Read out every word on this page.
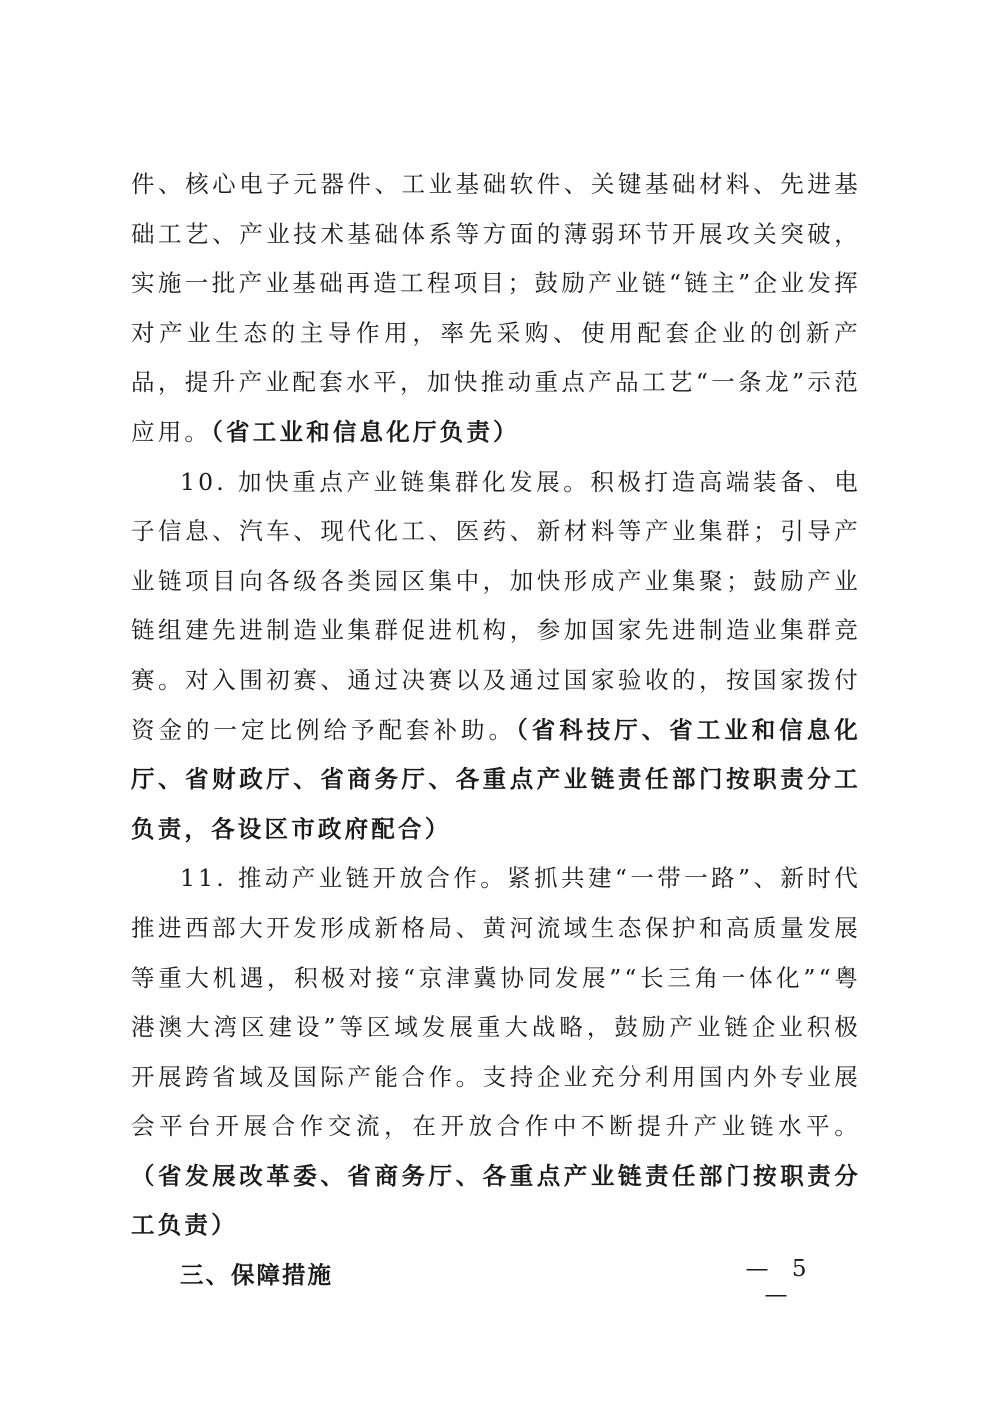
件、核心电子元器件、工业基础软件、关键基础材料、先进基础工艺、产业技术基础体系等方面的薄弱环节开展攻关突破，实施一批产业基础再造工程项目；鼓励产业链“链主”企业发挥对产业生态的主导作用，率先采购、使用配套企业的创新产品，提升产业配套水平，加快推动重点产品工艺“一条龙”示范应用。（省工业和信息化厅负责）

10. 加快重点产业链集群化发展。积极打造高端装备、电子信息、汽车、现代化工、医药、新材料等产业集群；引导产业链项目向各级各类园区集中，加快形成产业集聚；鼓励产业链组建先进制造业集群促进机构，参加国家先进制造业集群竞赛。对入围初赛、通过决赛以及通过国家验收的，按国家拨付资金的一定比例给予配套补助。（省科技厅、省工业和信息化厅、省财政厅、省商务厅、各重点产业链责任部门按职责分工负责，各设区市政府配合）

11. 推动产业链开放合作。紧抓共建“一带一路”、新时代推进西部大开发形成新格局、黄河流域生态保护和高质量发展等重大机遇，积极对接“京津冀协同发展”“长三角一体化”“粤港澳大湾区建设”等区域发展重大战略，鼓励产业链企业积极开展跨省域及国际产能合作。支持企业充分利用国内外专业展会平台开展合作交流，在开放合作中不断提升产业链水平。（省发展改革委、省商务厅、各重点产业链责任部门按职责分工负责）

三、保障措施	— 5 —
